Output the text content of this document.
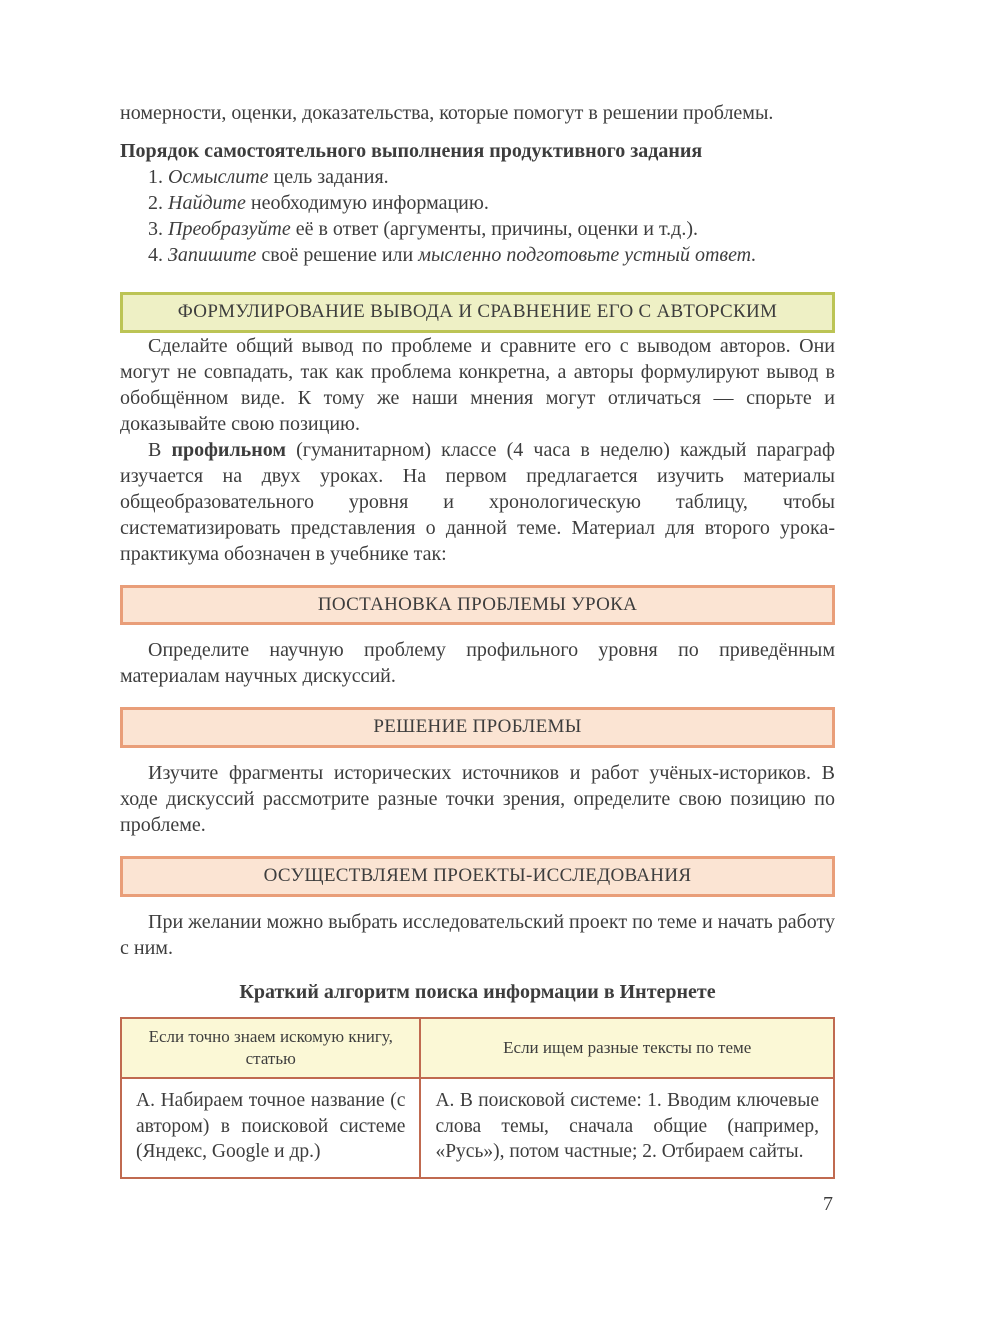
номерности, оценки, доказательства, которые помогут в решении проблемы.

Порядок самостоятельного выполнения продуктивного задания

1. Осмыслите цель задания.

2. Найдите необходимую информацию.

3. Преобразуйте её в ответ (аргументы, причины, оценки и т.д.).

4. Запишите своё решение или мысленно подготовьте устный ответ.

ФОРМУЛИРОВАНИЕ ВЫВОДА И СРАВНЕНИЕ ЕГО С АВТОРСКИМ

Сделайте общий вывод по проблеме и сравните его с выводом авторов. Они могут не совпадать, так как проблема конкретна, а авторы формулируют вывод в обобщённом виде. К тому же наши мнения могут отличаться — спорьте и доказывайте свою позицию.

В профильном (гуманитарном) классе (4 часа в неделю) каждый параграф изучается на двух уроках. На первом предлагается изучить материалы общеобразовательного уровня и хронологическую таблицу, чтобы систематизировать представления о данной теме. Материал для второго урока-практикума обозначен в учебнике так:

ПОСТАНОВКА ПРОБЛЕМЫ УРОКА

Определите научную проблему профильного уровня по приведённым материалам научных дискуссий.

РЕШЕНИЕ ПРОБЛЕМЫ

Изучите фрагменты исторических источников и работ учёных-историков. В ходе дискуссий рассмотрите разные точки зрения, определите свою позицию по проблеме.

ОСУЩЕСТВЛЯЕМ ПРОЕКТЫ-ИССЛЕДОВАНИЯ

При желании можно выбрать исследовательский проект по теме и начать работу с ним.

Краткий алгоритм поиска информации в Интернете

Если точно знаем искомую книгу, статью	Если ищем разные тексты по теме
А. Набираем точное название (с автором) в поисковой системе (Яндекс, Google и др.)	А. В поисковой системе: 1. Вводим ключевые слова темы, сначала общие (например, «Русь»), потом частные; 2. Отбираем сайты.

7
